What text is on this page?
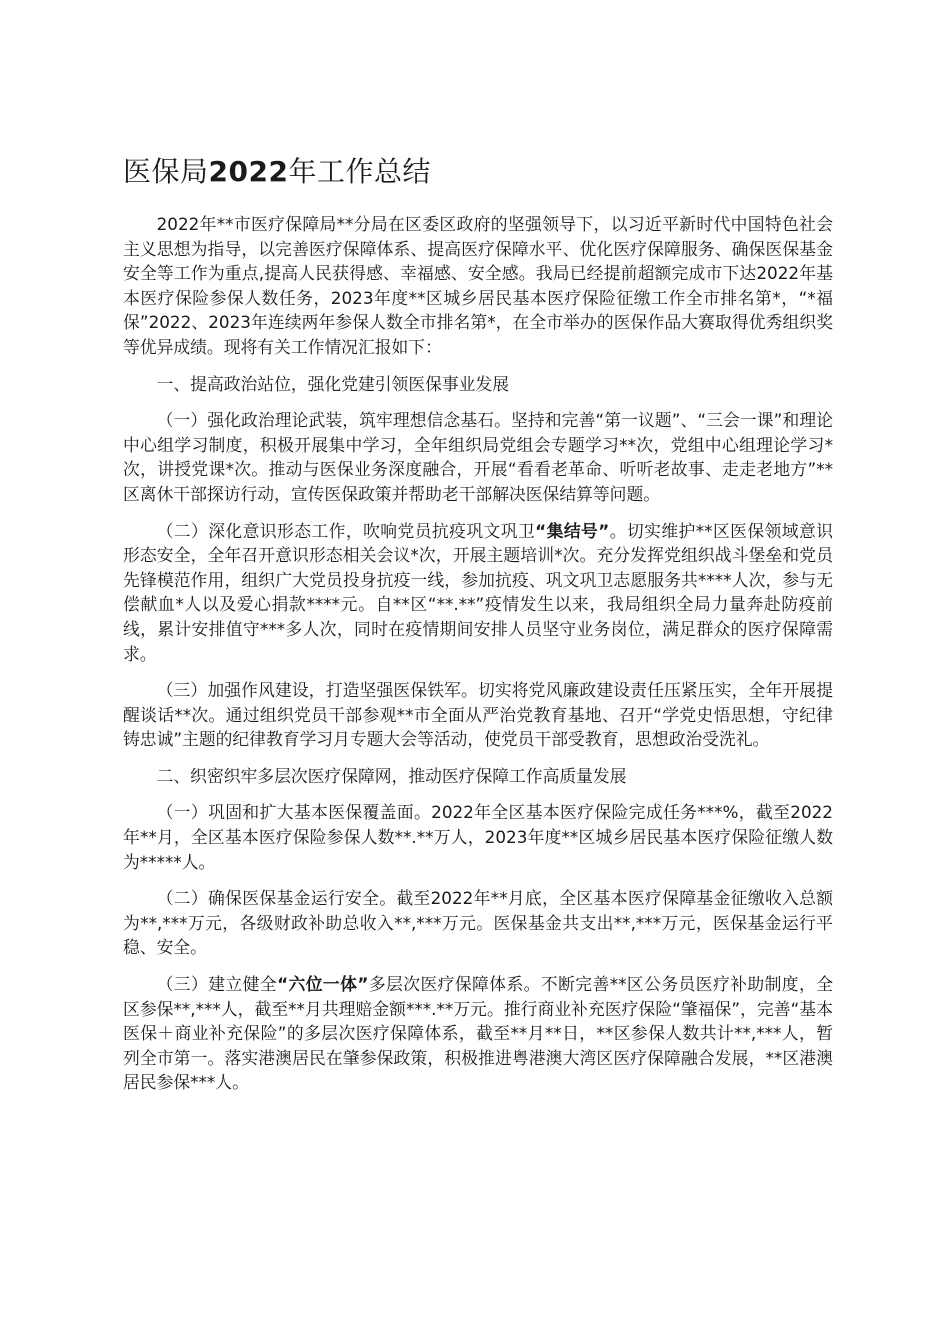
医保局2022年工作总结

2022年**市医疗保障局**分局在区委区政府的坚强领导下，以习近平新时代中国特色社会主义思想为指导，以完善医疗保障体系、提高医疗保障水平、优化医疗保障服务、确保医保基金安全等工作为重点,提高人民获得感、幸福感、安全感。我局已经提前超额完成市下达2022年基本医疗保险参保人数任务，2023年度**区城乡居民基本医疗保险征缴工作全市排名第*，“*福保”2022、2023年连续两年参保人数全市排名第*，在全市举办的医保作品大赛取得优秀组织奖等优异成绩。现将有关工作情况汇报如下：

一、提高政治站位，强化党建引领医保事业发展

（一）强化政治理论武装，筑牢理想信念基石。坚持和完善“第一议题”、“三会一课”和理论中心组学习制度，积极开展集中学习，全年组织局党组会专题学习**次，党组中心组理论学习*次，讲授党课*次。推动与医保业务深度融合，开展“看看老革命、听听老故事、走走老地方”**区离休干部探访行动，宣传医保政策并帮助老干部解决医保结算等问题。

（二）深化意识形态工作，吹响党员抗疫巩文巩卫“集结号”。切实维护**区医保领域意识形态安全，全年召开意识形态相关会议*次，开展主题培训*次。充分发挥党组织战斗堡垒和党员先锋模范作用，组织广大党员投身抗疫一线，参加抗疫、巩文巩卫志愿服务共****人次，参与无偿献血*人以及爱心捐款****元。自**区“**.**”疫情发生以来，我局组织全局力量奔赴防疫前线，累计安排值守***多人次，同时在疫情期间安排人员坚守业务岗位，满足群众的医疗保障需求。

（三）加强作风建设，打造坚强医保铁军。切实将党风廉政建设责任压紧压实，全年开展提醒谈话**次。通过组织党员干部参观**市全面从严治党教育基地、召开“学党史悟思想，守纪律铸忠诚”主题的纪律教育学习月专题大会等活动，使党员干部受教育，思想政治受洗礼。

二、织密织牢多层次医疗保障网，推动医疗保障工作高质量发展

（一）巩固和扩大基本医保覆盖面。2022年全区基本医疗保险完成任务***%，截至2022年**月，全区基本医疗保险参保人数**.**万人，2023年度**区城乡居民基本医疗保险征缴人数为*****人。

（二）确保医保基金运行安全。截至2022年**月底，全区基本医疗保障基金征缴收入总额为**,***万元，各级财政补助总收入**,***万元。医保基金共支出**,***万元，医保基金运行平稳、安全。

（三）建立健全“六位一体”多层次医疗保障体系。不断完善**区公务员医疗补助制度，全区参保**,***人，截至**月共理赔金额***.**万元。推行商业补充医疗保险“肇福保”，完善“基本医保＋商业补充保险”的多层次医疗保障体系，截至**月**日，**区参保人数共计**,***人，暂列全市第一。落实港澳居民在肇参保政策，积极推进粤港澳大湾区医疗保障融合发展，**区港澳居民参保***人。
